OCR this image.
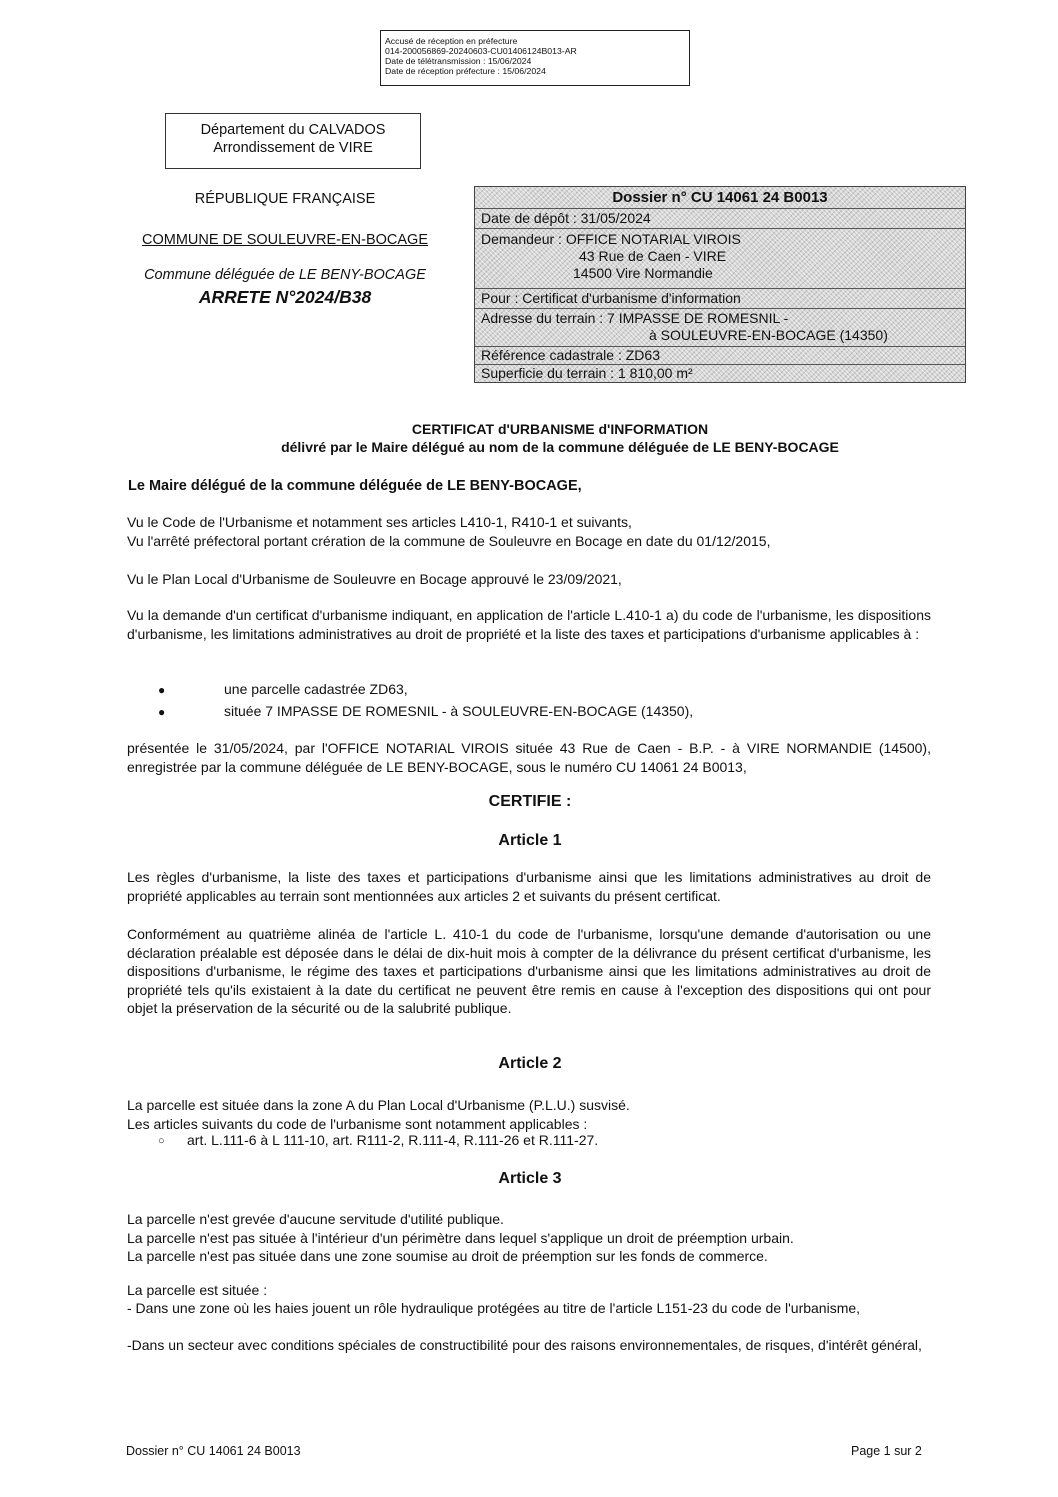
Accusé de réception en préfecture
014-200056869-20240603-CU01406124B013-AR
Date de télétransmission : 15/06/2024
Date de réception préfecture : 15/06/2024
Département du CALVADOS
Arrondissement de VIRE
RÉPUBLIQUE FRANÇAISE
COMMUNE DE SOULEUVRE-EN-BOCAGE
Commune déléguée de LE BENY-BOCAGE
ARRETE N°2024/B38
Dossier n° CU 14061 24 B0013
Date de dépôt : 31/05/2024
Demandeur : OFFICE NOTARIAL VIROIS
43 Rue de Caen - VIRE
14500 Vire Normandie
Pour : Certificat d'urbanisme d'information
Adresse du terrain : 7 IMPASSE DE ROMESNIL -
à SOULEUVRE-EN-BOCAGE (14350)
Référence cadastrale : ZD63
Superficie du terrain : 1 810,00 m²
CERTIFICAT d'URBANISME d'INFORMATION
délivré par le Maire délégué au nom de la commune déléguée de LE BENY-BOCAGE
Le Maire délégué de la commune déléguée de LE BENY-BOCAGE,
Vu le Code de l'Urbanisme et notamment ses articles L410-1, R410-1 et suivants,
Vu l'arrêté préfectoral portant crération de la commune de Souleuvre en Bocage en date du 01/12/2015,
Vu le Plan Local d'Urbanisme de Souleuvre en Bocage approuvé le 23/09/2021,
Vu la demande d'un certificat d'urbanisme indiquant, en application de l'article L.410-1 a) du code de l'urbanisme, les dispositions d'urbanisme, les limitations administratives au droit de propriété et la liste des taxes et participations d'urbanisme applicables à :
●	une parcelle cadastrée ZD63,
●	située 7 IMPASSE DE ROMESNIL - à SOULEUVRE-EN-BOCAGE (14350),
présentée le 31/05/2024, par l'OFFICE NOTARIAL VIROIS située 43 Rue de Caen - B.P. - à VIRE NORMANDIE (14500), enregistrée par la commune déléguée de LE BENY-BOCAGE, sous le numéro CU 14061 24 B0013,
CERTIFIE :
Article 1
Les règles d'urbanisme, la liste des taxes et participations d'urbanisme ainsi que les limitations administratives au droit de propriété applicables au terrain sont mentionnées aux articles 2 et suivants du présent certificat.
Conformément au quatrième alinéa de l'article L. 410-1 du code de l'urbanisme, lorsqu'une demande d'autorisation ou une déclaration préalable est déposée dans le délai de dix-huit mois à compter de la délivrance du présent certificat d'urbanisme, les dispositions d'urbanisme, le régime des taxes et participations d'urbanisme ainsi que les limitations administratives au droit de propriété tels qu'ils existaient à la date du certificat ne peuvent être remis en cause à l'exception des dispositions qui ont pour objet la préservation de la sécurité ou de la salubrité publique.
Article 2
La parcelle est située dans la zone A du Plan Local d'Urbanisme (P.L.U.) susvisé.
Les articles suivants du code de l'urbanisme sont notamment applicables :
○ art. L.111-6 à L 111-10, art. R111-2, R.111-4, R.111-26 et R.111-27.
Article 3
La parcelle n'est grevée d'aucune servitude d'utilité publique.
La parcelle n'est pas située à l'intérieur d'un périmètre dans lequel s'applique un droit de préemption urbain.
La parcelle n'est pas située dans une zone soumise au droit de préemption sur les fonds de commerce.
La parcelle est située :
- Dans une zone où les haies jouent un rôle hydraulique protégées au titre de l'article L151-23 du code de l'urbanisme,
-Dans un secteur avec conditions spéciales de constructibilité pour des raisons environnementales, de risques, d'intérêt général,
Dossier n° CU 14061 24 B0013	Page 1 sur 2
